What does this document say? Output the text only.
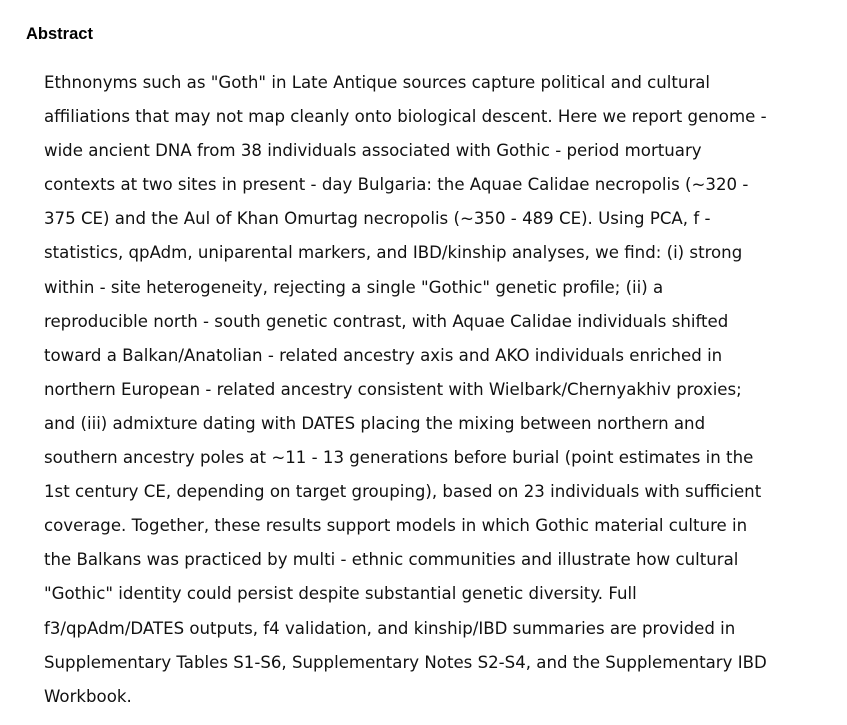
Abstract
Ethnonyms such as "Goth" in Late Antique sources capture political and cultural
affiliations that may not map cleanly onto biological descent. Here we report genome -
wide ancient DNA from 38 individuals associated with Gothic - period mortuary
contexts at two sites in present - day Bulgaria: the Aquae Calidae necropolis (~320 -
375 CE) and the Aul of Khan Omurtag necropolis (~350 - 489 CE). Using PCA, f -
statistics, qpAdm, uniparental markers, and IBD/kinship analyses, we find: (i) strong
within - site heterogeneity, rejecting a single "Gothic" genetic profile; (ii) a
reproducible north - south genetic contrast, with Aquae Calidae individuals shifted
toward a Balkan/Anatolian - related ancestry axis and AKO individuals enriched in
northern European - related ancestry consistent with Wielbark/Chernyakhiv proxies;
and (iii) admixture dating with DATES placing the mixing between northern and
southern ancestry poles at ~11 - 13 generations before burial (point estimates in the
1st century CE, depending on target grouping), based on 23 individuals with sufficient
coverage. Together, these results support models in which Gothic material culture in
the Balkans was practiced by multi - ethnic communities and illustrate how cultural
"Gothic" identity could persist despite substantial genetic diversity. Full
f3/qpAdm/DATES outputs, f4 validation, and kinship/IBD summaries are provided in
Supplementary Tables S1-S6, Supplementary Notes S2-S4, and the Supplementary IBD
Workbook.
